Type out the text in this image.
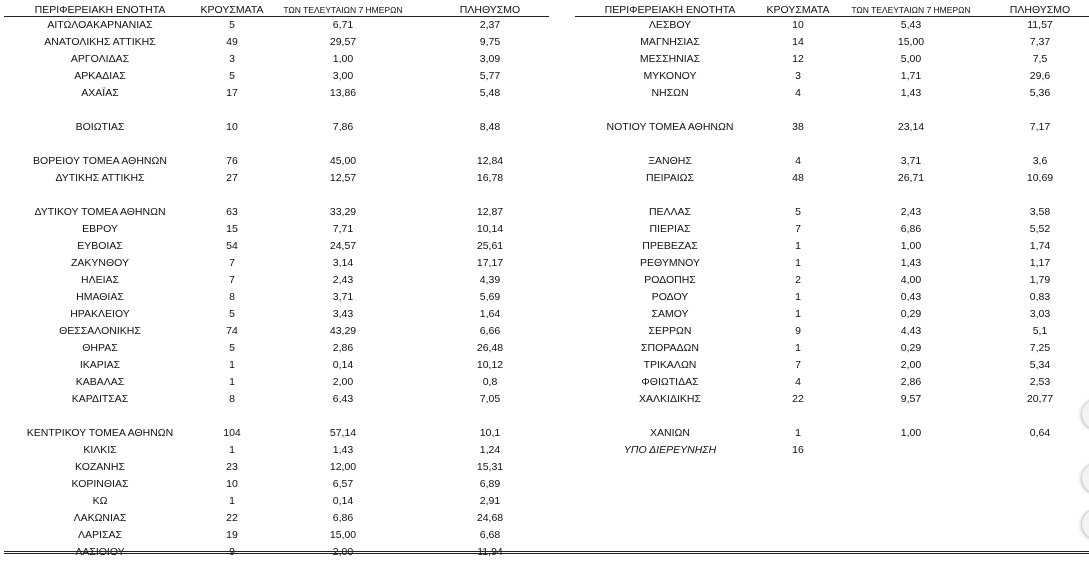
ΠΕΡΙΦΕΡΕΙΑΚΗ ΕΝΟΤΗΤΑ	ΚΡΟΥΣΜΑΤΑ	ΤΩΝ ΤΕΛΕΥΤΑΙΩΝ 7 ΗΜΕΡΩΝ	ΠΛΗΘΥΣΜΟ	ΠΕΡΙΦΕΡΕΙΑΚΗ ΕΝΟΤΗΤΑ	ΚΡΟΥΣΜΑΤΑ	ΤΩΝ ΤΕΛΕΥΤΑΙΩΝ 7 ΗΜΕΡΩΝ	ΠΛΗΘΥΣΜΟ
ΑΙΤΩΛΟΑΚΑΡΝΑΝΙΑΣ	5	6,71	2,37
ΑΝΑΤΟΛΙΚΗΣ ΑΤΤΙΚΗΣ	49	29,57	9,75
ΑΡΓΟΛΙΔΑΣ	3	1,00	3,09
ΑΡΚΑΔΙΑΣ	5	3,00	5,77
ΑΧΑΪΑΣ	17	13,86	5,48
ΒΟΙΩΤΙΑΣ	10	7,86	8,48
ΒΟΡΕΙΟΥ ΤΟΜΕΑ ΑΘΗΝΩΝ	76	45,00	12,84
ΔΥΤΙΚΗΣ ΑΤΤΙΚΗΣ	27	12,57	16,78
ΔΥΤΙΚΟΥ ΤΟΜΕΑ ΑΘΗΝΩΝ	63	33,29	12,87
ΕΒΡΟΥ	15	7,71	10,14
ΕΥΒΟΙΑΣ	54	24,57	25,61
ΖΑΚΥΝΘΟΥ	7	3,14	17,17
ΗΛΕΙΑΣ	7	2,43	4,39
ΗΜΑΘΙΑΣ	8	3,71	5,69
ΗΡΑΚΛΕΙΟΥ	5	3,43	1,64
ΘΕΣΣΑΛΟΝΙΚΗΣ	74	43,29	6,66
ΘΗΡΑΣ	5	2,86	26,48
ΙΚΑΡΙΑΣ	1	0,14	10,12
ΚΑΒΑΛΑΣ	1	2,00	0,8
ΚΑΡΔΙΤΣΑΣ	8	6,43	7,05
ΚΕΝΤΡΙΚΟΥ ΤΟΜΕΑ ΑΘΗΝΩΝ	104	57,14	10,1
ΚΙΛΚΙΣ	1	1,43	1,24
ΚΟΖΑΝΗΣ	23	12,00	15,31
ΚΟΡΙΝΘΙΑΣ	10	6,57	6,89
ΚΩ	1	0,14	2,91
ΛΑΚΩΝΙΑΣ	22	6,86	24,68
ΛΑΡΙΣΑΣ	19	15,00	6,68
ΛΑΣΙΘΙΟΥ	9	2,00	11,94
ΛΕΣΒΟΥ	10	5,43	11,57
ΜΑΓΝΗΣΙΑΣ	14	15,00	7,37
ΜΕΣΣΗΝΙΑΣ	12	5,00	7,5
ΜΥΚΟΝΟΥ	3	1,71	29,6
ΝΗΣΩΝ	4	1,43	5,36
ΝΟΤΙΟΥ ΤΟΜΕΑ ΑΘΗΝΩΝ	38	23,14	7,17
ΞΑΝΘΗΣ	4	3,71	3,6
ΠΕΙΡΑΙΩΣ	48	26,71	10,69
ΠΕΛΛΑΣ	5	2,43	3,58
ΠΙΕΡΙΑΣ	7	6,86	5,52
ΠΡΕΒΕΖΑΣ	1	1,00	1,74
ΡΕΘΥΜΝΟΥ	1	1,43	1,17
ΡΟΔΟΠΗΣ	2	4,00	1,79
ΡΟΔΟΥ	1	0,43	0,83
ΣΑΜΟΥ	1	0,29	3,03
ΣΕΡΡΩΝ	9	4,43	5,1
ΣΠΟΡΑΔΩΝ	1	0,29	7,25
ΤΡΙΚΑΛΩΝ	7	2,00	5,34
ΦΘΙΩΤΙΔΑΣ	4	2,86	2,53
ΧΑΛΚΙΔΙΚΗΣ	22	9,57	20,77
ΧΑΝΙΩΝ	1	1,00	0,64
ΥΠΟ ΔΙΕΡΕΥΝΗΣΗ	16
